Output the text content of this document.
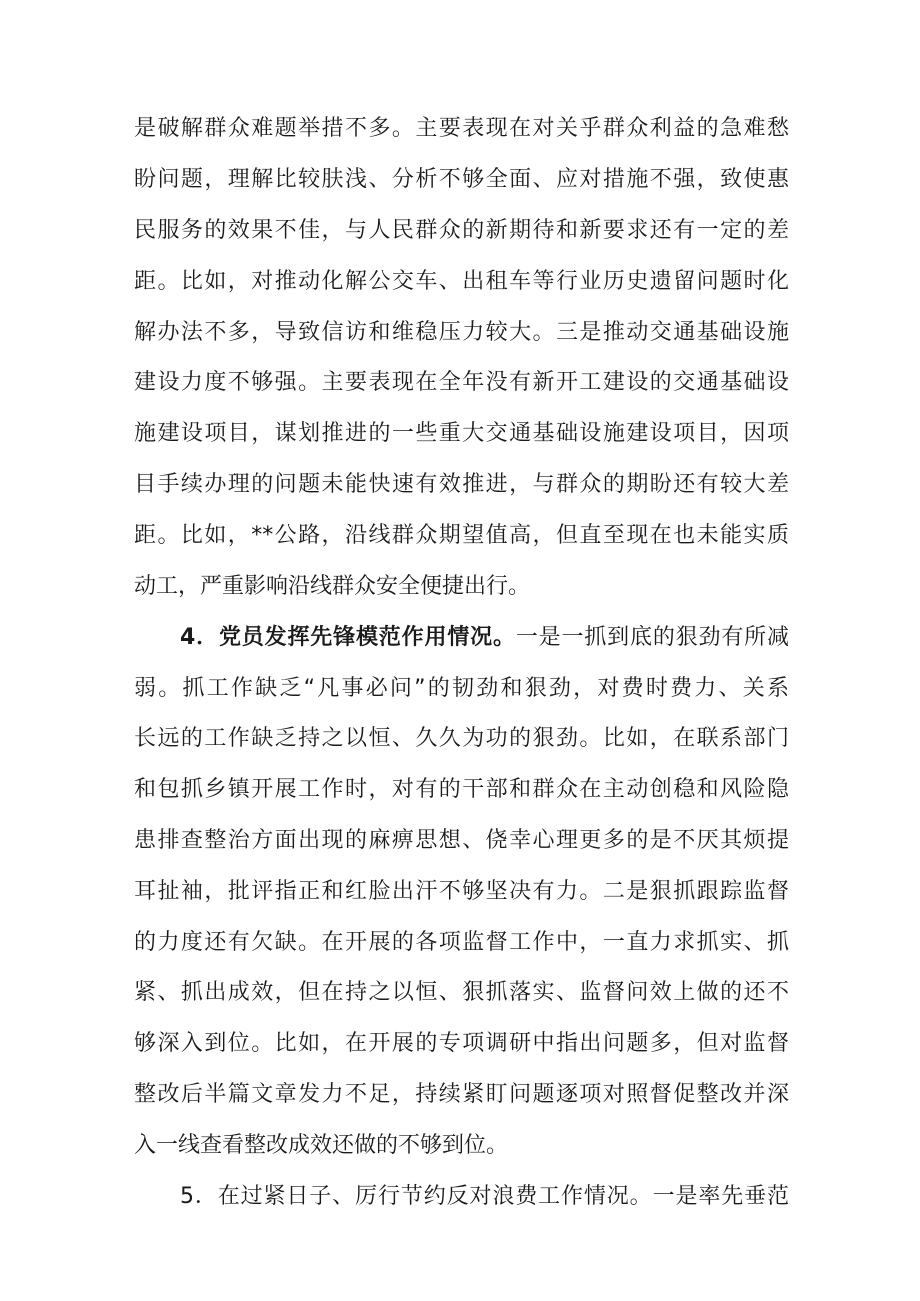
是破解群众难题举措不多。主要表现在对关乎群众利益的急难愁
盼问题，理解比较肤浅、分析不够全面、应对措施不强，致使惠
民服务的效果不佳，与人民群众的新期待和新要求还有一定的差
距。比如，对推动化解公交车、出租车等行业历史遗留问题时化
解办法不多，导致信访和维稳压力较大。三是推动交通基础设施
建设力度不够强。主要表现在全年没有新开工建设的交通基础设
施建设项目，谋划推进的一些重大交通基础设施建设项目，因项
目手续办理的问题未能快速有效推进，与群众的期盼还有较大差
距。比如，**公路，沿线群众期望值高，但直至现在也未能实质
动工，严重影响沿线群众安全便捷出行。
4．党员发挥先锋模范作用情况。一是一抓到底的狠劲有所减
弱。抓工作缺乏“凡事必问”的韧劲和狠劲，对费时费力、关系
长远的工作缺乏持之以恒、久久为功的狠劲。比如，在联系部门
和包抓乡镇开展工作时，对有的干部和群众在主动创稳和风险隐
患排查整治方面出现的麻痹思想、侥幸心理更多的是不厌其烦提
耳扯袖，批评指正和红脸出汗不够坚决有力。二是狠抓跟踪监督
的力度还有欠缺。在开展的各项监督工作中，一直力求抓实、抓
紧、抓出成效，但在持之以恒、狠抓落实、监督问效上做的还不
够深入到位。比如，在开展的专项调研中指出问题多，但对监督
整改后半篇文章发力不足，持续紧盯问题逐项对照督促整改并深
入一线查看整改成效还做的不够到位。
5．在过紧日子、厉行节约反对浪费工作情况。一是率先垂范
